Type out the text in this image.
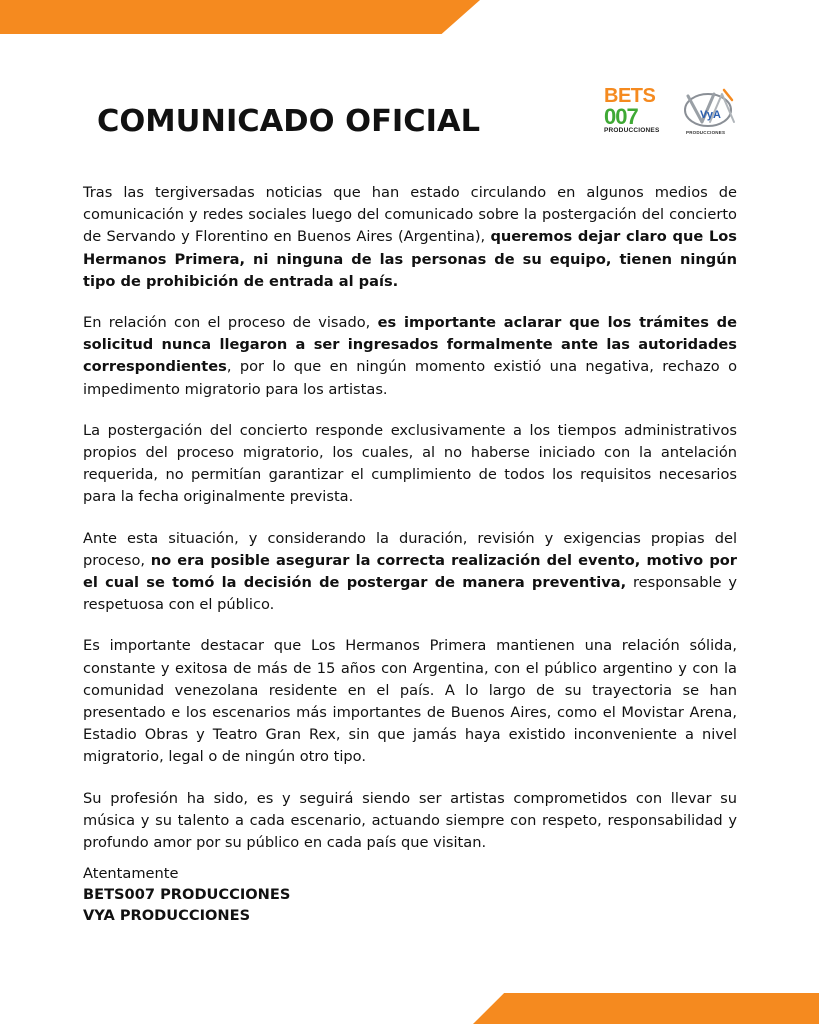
COMUNICADO OFICIAL
BETS
007
PRODUCCIONES
VyA
PRODUCCIONES

Tras las tergiversadas noticias que han estado circulando en algunos medios de comunicación y redes sociales luego del comunicado sobre la postergación del concierto de Servando y Florentino en Buenos Aires (Argentina), queremos dejar claro que Los Hermanos Primera, ni ninguna de las personas de su equipo, tienen ningún tipo de prohibición de entrada al país.

En relación con el proceso de visado, es importante aclarar que los trámites de solicitud nunca llegaron a ser ingresados formalmente ante las autoridades correspondientes, por lo que en ningún momento existió una negativa, rechazo o impedimento migratorio para los artistas.

La postergación del concierto responde exclusivamente a los tiempos administrativos propios del proceso migratorio, los cuales, al no haberse iniciado con la antelación requerida, no permitían garantizar el cumplimiento de todos los requisitos necesarios para la fecha originalmente prevista.

Ante esta situación, y considerando la duración, revisión y exigencias propias del proceso, no era posible asegurar la correcta realización del evento, motivo por el cual se tomó la decisión de postergar de manera preventiva, responsable y respetuosa con el público.

Es importante destacar que Los Hermanos Primera mantienen una relación sólida, constante y exitosa de más de 15 años con Argentina, con el público argentino y con la comunidad venezolana residente en el país. A lo largo de su trayectoria se han presentado e los escenarios más importantes de Buenos Aires, como el Movistar Arena, Estadio Obras y Teatro Gran Rex, sin que jamás haya existido inconveniente a nivel migratorio, legal o de ningún otro tipo.

Su profesión ha sido, es y seguirá siendo ser artistas comprometidos con llevar su música y su talento a cada escenario, actuando siempre con respeto, responsabilidad y profundo amor por su público en cada país que visitan.

Atentamente
BETS007 PRODUCCIONES
VYA PRODUCCIONES
